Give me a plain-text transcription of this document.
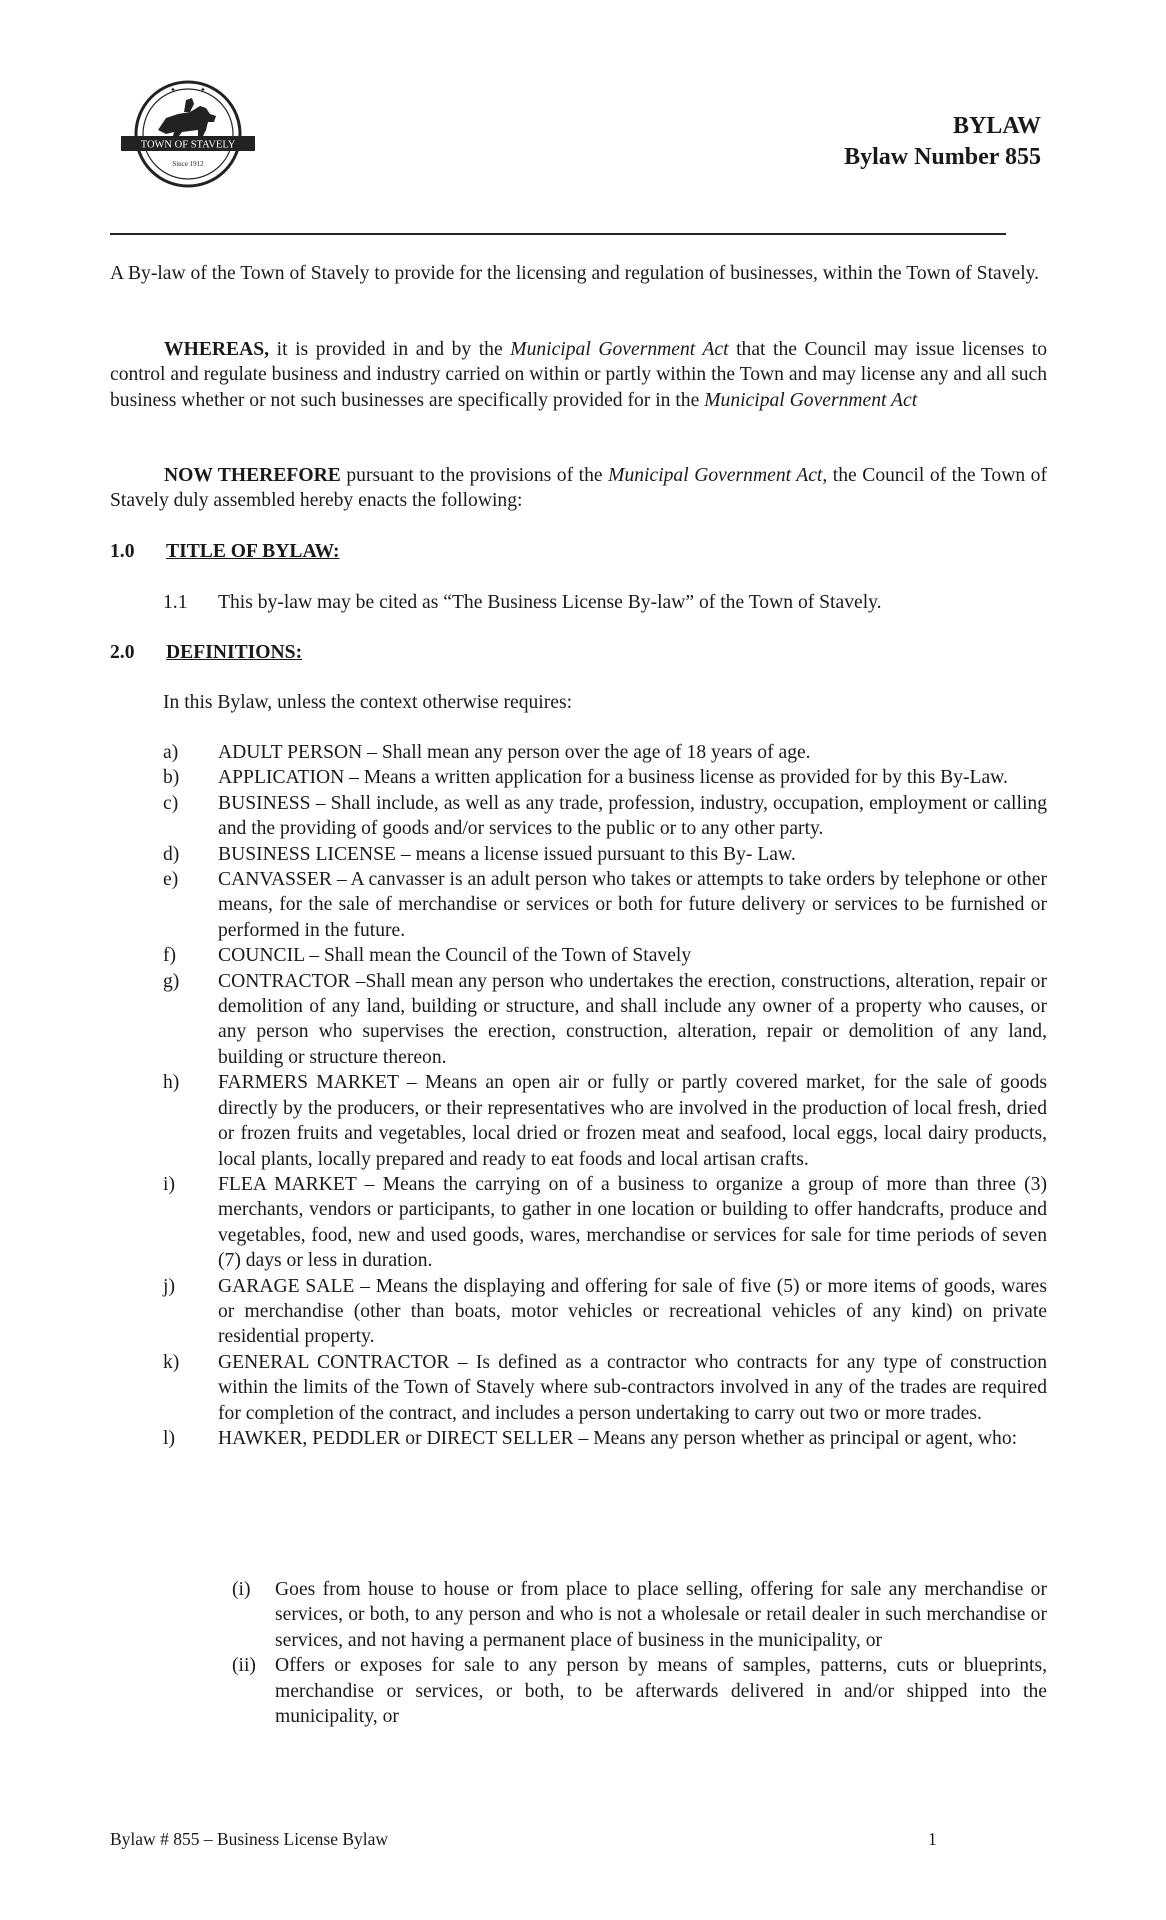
TOWN OF STAVELY
Since 1912
✦	✦
BYLAW
Bylaw Number 855
A By-law of the Town of Stavely to provide for the licensing and regulation of businesses, within the Town of Stavely.
WHEREAS, it is provided in and by the Municipal Government Act that the Council may issue licenses to control and regulate business and industry carried on within or partly within the Town and may license any and all such business whether or not such businesses are specifically provided for in the Municipal Government Act
NOW THEREFORE pursuant to the provisions of the Municipal Government Act, the Council of the Town of Stavely duly assembled hereby enacts the following:
1.0 TITLE OF BYLAW:
1.1 This by-law may be cited as “The Business License By-law” of the Town of Stavely.
2.0 DEFINITIONS:
In this Bylaw, unless the context otherwise requires:
a)	ADULT PERSON – Shall mean any person over the age of 18 years of age.
b)	APPLICATION – Means a written application for a business license as provided for by this By-Law.
c)	BUSINESS – Shall include, as well as any trade, profession, industry, occupation, employment or calling and the providing of goods and/or services to the public or to any other party.
d)	BUSINESS LICENSE – means a license issued pursuant to this By- Law.
e)	CANVASSER – A canvasser is an adult person who takes or attempts to take orders by telephone or other means, for the sale of merchandise or services or both for future delivery or services to be furnished or performed in the future.
f)	COUNCIL – Shall mean the Council of the Town of Stavely
g)	CONTRACTOR –Shall mean any person who undertakes the erection, constructions, alteration, repair or demolition of any land, building or structure, and shall include any owner of a property who causes, or any person who supervises the erection, construction, alteration, repair or demolition of any land, building or structure thereon.
h)	FARMERS MARKET – Means an open air or fully or partly covered market, for the sale of goods directly by the producers, or their representatives who are involved in the production of local fresh, dried or frozen fruits and vegetables, local dried or frozen meat and seafood, local eggs, local dairy products, local plants, locally prepared and ready to eat foods and local artisan crafts.
i)	FLEA MARKET – Means the carrying on of a business to organize a group of more than three (3) merchants, vendors or participants, to gather in one location or building to offer handcrafts, produce and vegetables, food, new and used goods, wares, merchandise or services for sale for time periods of seven (7) days or less in duration.
j)	GARAGE SALE – Means the displaying and offering for sale of five (5) or more items of goods, wares or merchandise (other than boats, motor vehicles or recreational vehicles of any kind) on private residential property.
k)	GENERAL CONTRACTOR – Is defined as a contractor who contracts for any type of construction within the limits of the Town of Stavely where sub-contractors involved in any of the trades are required for completion of the contract, and includes a person undertaking to carry out two or more trades.
l)	HAWKER, PEDDLER or DIRECT SELLER – Means any person whether as principal or agent, who:
(i)	Goes from house to house or from place to place selling, offering for sale any merchandise or services, or both, to any person and who is not a wholesale or retail dealer in such merchandise or services, and not having a permanent place of business in the municipality, or
(ii) Offers or exposes for sale to any person by means of samples, patterns, cuts or blueprints, merchandise or services, or both, to be afterwards delivered in and/or shipped into the municipality, or
Bylaw # 855 – Business License Bylaw	1
